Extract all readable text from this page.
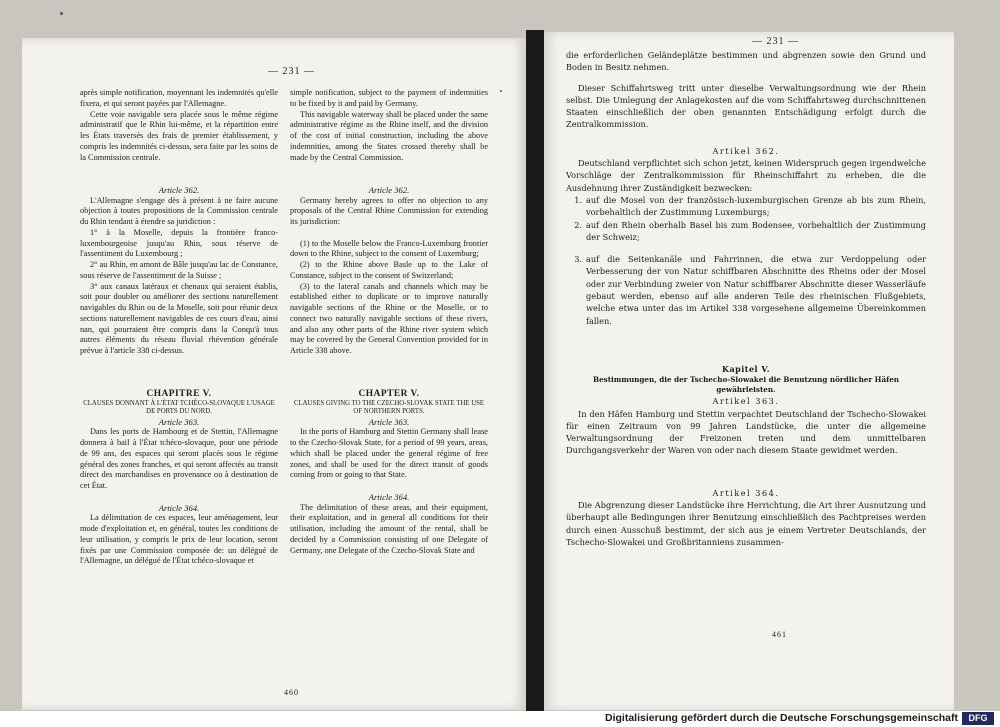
— 231 —

après simple notification, moyennant les indemnités qu'elle fixera, et qui seront payées par l'Allemagne.

Cette voie navigable sera placée sous le même régime administratif que le Rhin lui-même, et la répartition entre les États traversés des frais de premier établissement, y compris les indemnités ci-dessus, sera faite par les soins de la Commission centrale.

Article 362.

L'Allemagne s'engage dès à présent à ne faire aucune objection à toutes propositions de la Commission centrale du Rhin tendant à étendre sa juridiction :

1° à la Moselle, depuis la frontière franco-luxembourgeoise jusqu'au Rhin, sous réserve de l'assentiment du Luxembourg ;

2° au Rhin, en amont de Bâle jusqu'au lac de Constance, sous réserve de l'assentiment de la Suisse ;

3° aux canaux latéraux et chenaux qui seraient établis, soit pour doubler ou améliorer des sections naturellement navigables du Rhin ou de la Moselle, soit pour réunir deux sections naturellement navigables de ces cours d'eau, ainsi nan, qui pourraient être compris dans la Conqu'à tous autres éléments du réseau fluvial rhévention générale prévue à l'article 338 ci-dessus.

CHAPITRE V.

CLAUSES DONNANT À L'ÉTAT TCHÉCO-SLOVAQUE L'USAGE DE PORTS DU NORD.

Article 363.

Dans les ports de Hambourg et de Stettin, l'Allemagne donnera à bail à l'État tchéco-slovaque, pour une période de 99 ans, des espaces qui seront placés sous le régime général des zones franches, et qui seront affectés au transit direct des marchandises en provenance ou à destination de cet État.

Article 364.

La délimitation de ces espaces, leur aménagement, leur mode d'exploitation et, en général, toutes les conditions de leur utilisation, y compris le prix de leur location, seront fixés par une Commission composée de: un délégué de l'Allemagne, un délégué de l'État tchéco-slovaque et

simple notification, subject to the payment of indemnities to be fixed by it and paid by Germany.

This navigable waterway shall be placed under the same administrative régime as the Rhine itself, and the division of the cost of initial construction, including the above indemnities, among the States crossed thereby shall be made by the Central Commission.

Article 362.

Germany hereby agrees to offer no objection to any proposals of the Central Rhine Commission for extending its jurisdiction:

(1) to the Moselle below the Franco-Luxemburg frontier down to the Rhine, subject to the consent of Luxemburg;

(2) to the Rhine above Basle up to the Lake of Constance, subject to the consent of Switzerland;

(3) to the lateral canals and channels which may be established either to duplicate or to improve naturally navigable sections of the Rhine or the Moselle, or to connect two naturally navigable sections of these rivers, and also any other parts of the Rhine river system which may be covered by the General Convention provided for in Article 338 above.

CHAPTER V.

CLAUSES GIVING TO THE CZECHO-SLOVAK STATE THE USE OF NORTHERN PORTS.

Article 363.

In the ports of Hamburg and Stettin Germany shall lease to the Czecho-Slovak State, for a period of 99 years, areas, which shall be placed under the general régime of free zones, and shall be used for the direct transit of goods coming from or going to that State.

Article 364.

The delimitation of these areas, and their equipment, their exploitation, and in general all conditions for their utilisation, including the amount of the rental, shall be decided by a Commission consisting of one Delegate of Germany, one Delegate of the Czecho-Slovak State and

460
— 231 —

die erforderlichen Geländeplätze bestimmen und abgrenzen sowie den Grund und Boden in Besitz nehmen.

Dieser Schiffahrtsweg tritt unter dieselbe Verwaltungsordnung wie der Rhein selbst. Die Umlegung der Anlagekosten auf die vom Schiffahrtsweg durchschnittenen Staaten einschließlich der oben genannten Entschädigung erfolgt durch die Zentralkommission.

Artikel 362.

Deutschland verpflichtet sich schon jetzt, keinen Widerspruch gegen irgendwelche Vorschläge der Zentralkommission für Rheinschiffahrt zu erheben, die die Ausdehnung ihrer Zuständigkeit bezwecken:

1. auf die Mosel von der französisch-luxemburgischen Grenze ab bis zum Rhein, vorbehaltlich der Zustimmung Luxemburgs;
2. auf den Rhein oberhalb Basel bis zum Bodensee, vorbehaltlich der Zustimmung der Schweiz;
3. auf die Seitenkanäle und Fahrrinnen, die etwa zur Verdoppelung oder Verbesserung der von Natur schiffbaren Abschnitte des Rheins oder der Mosel oder zur Verbindung zweier von Natur schiffbarer Abschnitte dieser Wasserläufe gebaut werden, ebenso auf alle anderen Teile des rheinischen Flußgebiets, welche etwa unter das im Artikel 338 vorgesehene allgemeine Übereinkommen fallen.

Kapitel V.

Bestimmungen, die der Tschecho-Slowakei die Benutzung nördlicher Häfen gewährleisten.

Artikel 363.

In den Häfen Hamburg und Stettin verpachtet Deutschland der Tschecho-Slowakei für einen Zeitraum von 99 Jahren Landstücke, die unter die allgemeine Verwaltungsordnung der Freizonen treten und dem unmittelbaren Durchgangsverkehr der Waren von oder nach diesem Staate gewidmet werden.

Artikel 364.

Die Abgrenzung dieser Landstücke ihre Herrichtung, die Art ihrer Ausnutzung und überhaupt alle Bedingungen ihrer Benutzung einschließlich des Pachtpreises werden durch einen Ausschuß bestimmt, der sich aus je einem Vertreter Deutschlands, der Tschecho-Slowakei und Großbritanniens zusammen-

461
Digitalisierung gefördert durch die Deutsche Forschungsgemeinschaft	DFG
